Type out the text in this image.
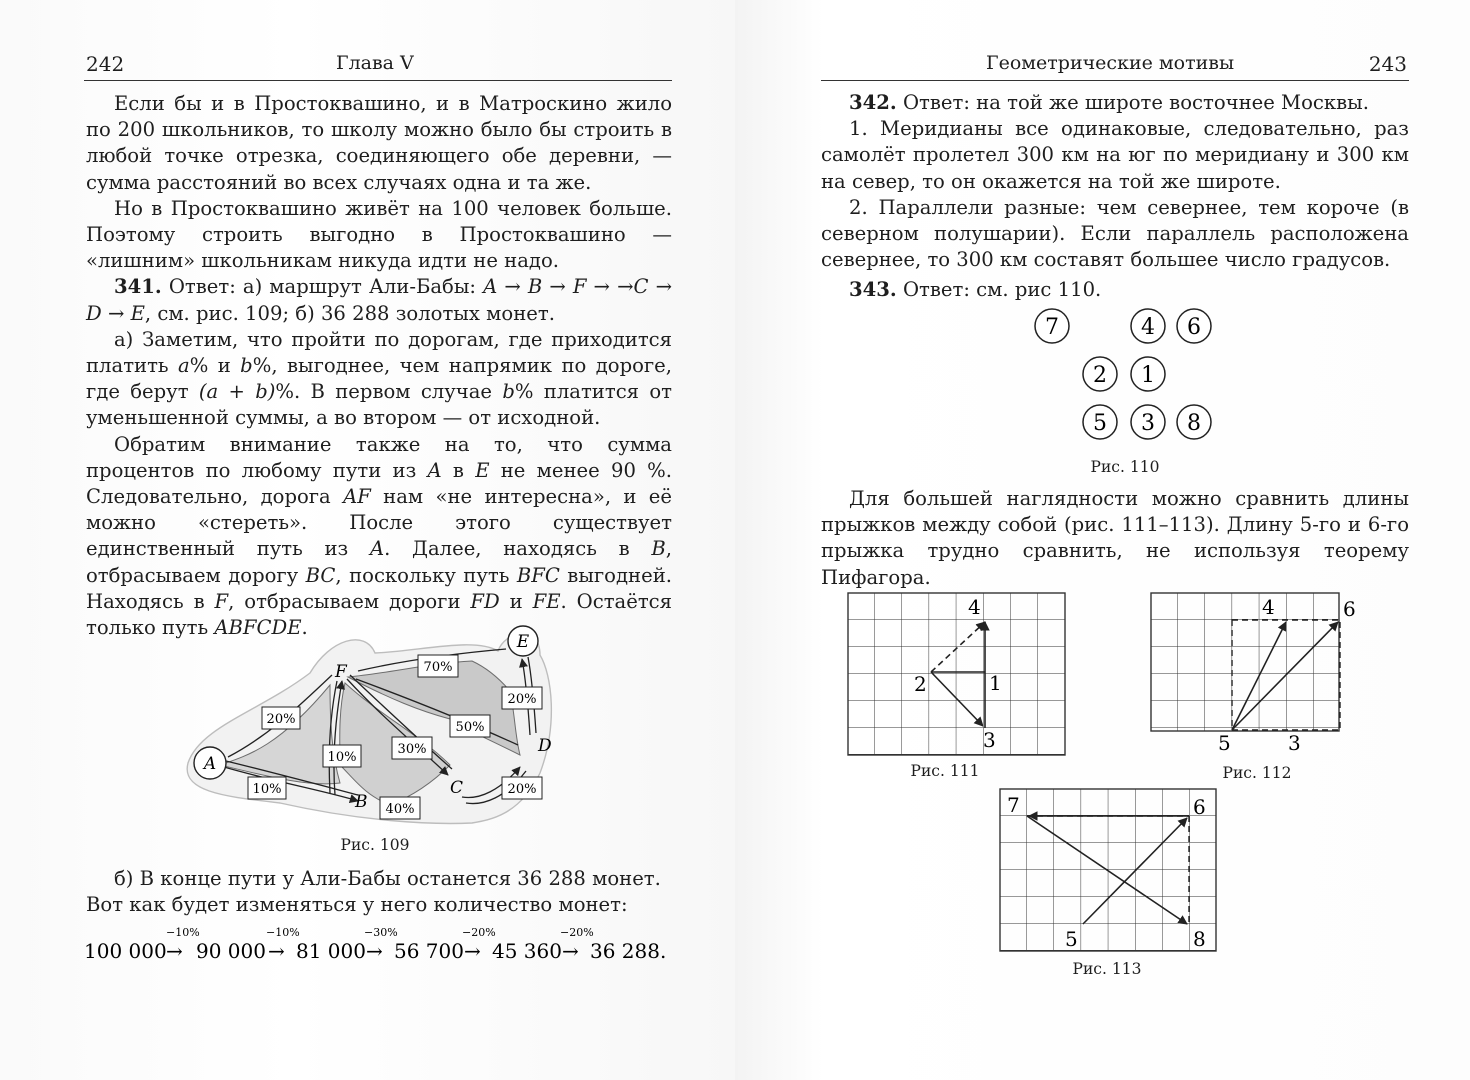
242	Глава V

Если бы и в Простоквашино, и в Матроскино жило по 200 школьников, то школу можно было бы строить в любой точке отрезка, соединяющего обе деревни, — сумма расстояний во всех случаях одна и та же.

Но в Простоквашино живёт на 100 человек больше. Поэтому строить выгодно в Простоквашино — «лишним» школьникам никуда идти не надо.

341. Ответ: а) маршрут Али-Бабы: A → B → F → →C → D → E, см. рис. 109; б) 36 288 золотых монет.

а) Заметим, что пройти по дорогам, где приходится платить a% и b%, выгоднее, чем напрямик по дороге, где берут (a + b)%. В первом случае b% платится от уменьшенной суммы, а во втором — от исходной.

Обратим внимание также на то, что сумма процентов по любому пути из A в E не менее 90 %. Следовательно, дорога AF нам «не интересна», и её можно «стереть». После этого существует единственный путь из A. Далее, находясь в B, отбрасываем дорогу BC, поскольку путь BFC выгодней. Находясь в F, отбрасываем дороги FD и FE. Остаётся только путь ABFCDE.

A
B
C
D
E
F
20%
10%
10%
30%
40%
70%
50%
20%
20%
Рис. 109

б) В конце пути у Али-Бабы останется 36 288 монет.

Вот как будет изменяться у него количество монет:

100 000 90 000 81 000 56 700 45 360 36 288.
→	→	→	→	→
−10%	−10%	−30%	−20%	−20%
Геометрические мотивы	243

342. Ответ: на той же широте восточнее Москвы.

1. Меридианы все одинаковые, следовательно, раз самолёт пролетел 300 км на юг по меридиану и 300 км на север, то он окажется на той же широте.

2. Параллели разные: чем севернее, тем короче (в северном полушарии). Если параллель расположена севернее, то 300 км составят большее число градусов.

343. Ответ: см. рис 110.

7	4 6
2 1
5 3 8
Рис. 110

Для большей наглядности можно сравнить длины прыжков между собой (рис. 111–113). Длину 5-го и 6-го прыжка трудно сравнить, не используя теорему Пифагора.

4
2	1
3
Рис. 111
4	6
5	3
Рис. 112
7	6
5	8
Рис. 113
